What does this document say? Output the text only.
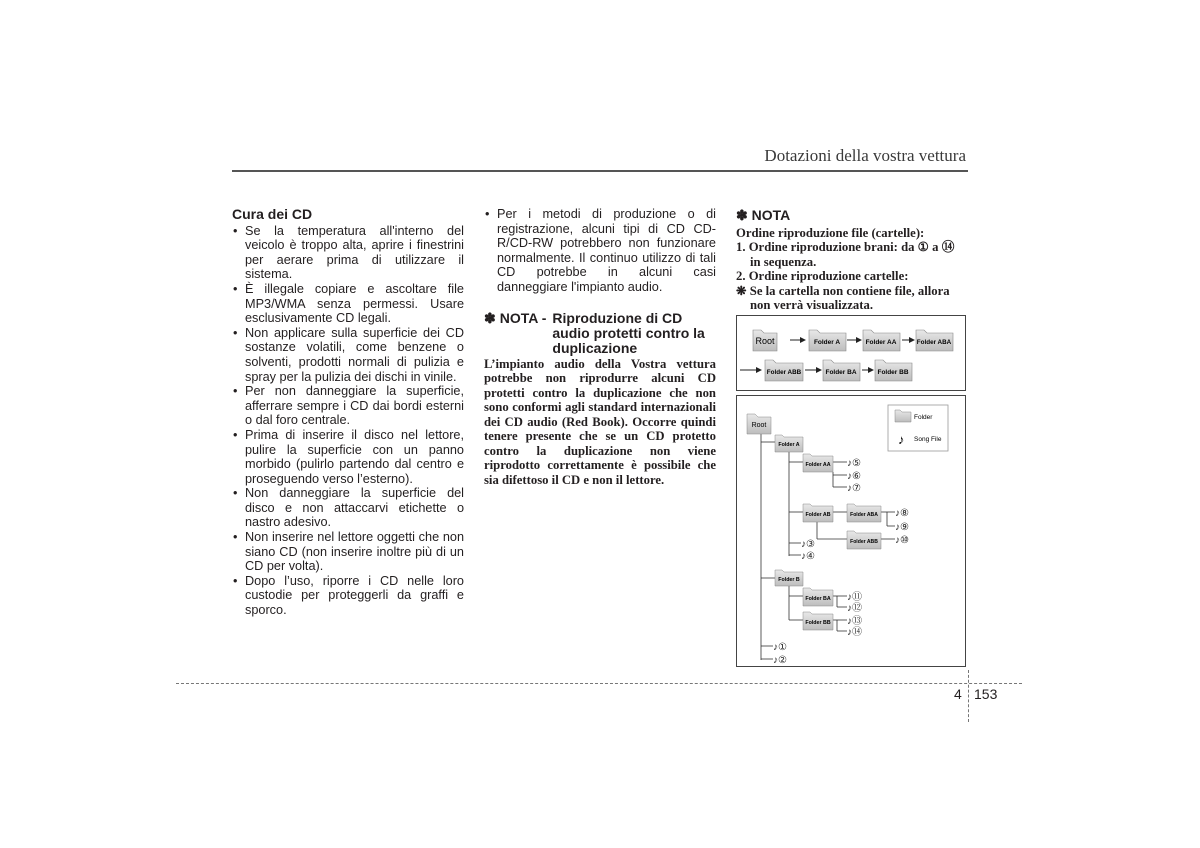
Dotazioni della vostra vettura
Cura dei CD
• Se la temperatura all'interno del veicolo è troppo alta, aprire i finestrini per aerare prima di utilizzare il sistema.
• È illegale copiare e ascoltare file MP3/WMA senza permessi. Usare esclusivamente CD legali.
• Non applicare sulla superficie dei CD sostanze volatili, come benzene o solventi, prodotti normali di pulizia e spray per la pulizia dei dischi in vinile.
• Per non danneggiare la superficie, afferrare sempre i CD dai bordi esterni o dal foro centrale.
• Prima di inserire il disco nel lettore, pulire la superficie con un panno morbido (pulirlo partendo dal centro e proseguendo verso l’esterno).
• Non danneggiare la superficie del disco e non attaccarvi etichette o nastro adesivo.
• Non inserire nel lettore oggetti che non siano CD (non inserire inoltre più di un CD per volta).
• Dopo l’uso, riporre i CD nelle loro custodie per proteggerli da graffi e sporco.
• Per i metodi di produzione o di registrazione, alcuni tipi di CD CD-R/CD-RW potrebbero non funzionare normalmente. Il continuo utilizzo di tali CD potrebbe in alcuni casi danneggiare l'impianto audio.
✽ NOTA - Riproduzione di CD audio protetti contro la duplicazione
L’impianto audio della Vostra vettura potrebbe non riprodurre alcuni CD protetti contro la duplicazione che non sono conformi agli standard internazionali dei CD audio (Red Book). Occorre quindi tenere presente che se un CD protetto contro la duplicazione non viene riprodotto correttamente è possibile che sia difettoso il CD e non il lettore.
✽ NOTA
Ordine riproduzione file (cartelle):
1. Ordine riproduzione brani: da ① a ⑭
in sequenza.
2. Ordine riproduzione cartelle:
❋ Se la cartella non contiene file, allora
non verrà visualizzata.
Root	Folder A	Folder AA	Folder ABA
Folder ABB	Folder BA	Folder BB
Folder
♪ Song File
Root
Folder A
Folder AA
Folder AB	Folder ABA
Folder ABB
Folder B
Folder BA
Folder BB
♪⑤
♪⑥
♪⑦
♪⑧
♪⑨
♪⑩
♪③
♪④
♪⑪
♪⑫
♪⑬
♪⑭
♪①
♪②
4 153
